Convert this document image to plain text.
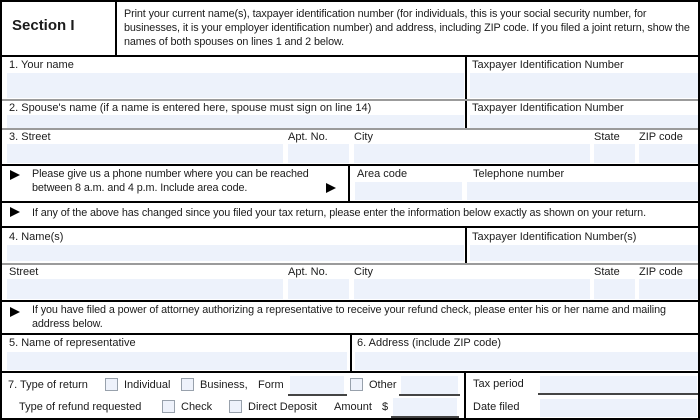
Section I
Print your current name(s), taxpayer identification number (for individuals, this is your social security number, for businesses, it is your employer identification number) and address, including ZIP code. If you filed a joint return, show the names of both spouses on lines 1 and 2 below.
1. Your name	Taxpayer Identification Number
2. Spouse's name (if a name is entered here, spouse must sign on line 14)	Taxpayer Identification Number
3. Street	Apt. No. City	State ZIP code
Please give us a phone number where you can be reached between 8 a.m. and 4 p.m. Include area code.
Area code	Telephone number
If any of the above has changed since you filed your tax return, please enter the information below exactly as shown on your return.
4. Name(s)	Taxpayer Identification Number(s)
Street	Apt. No. City	State ZIP code
If you have filed a power of attorney authorizing a representative to receive your refund check, please enter his or her name and mailing address below.
5. Name of representative	6. Address (include ZIP code)
7. Type of return	Individual	Business, Form	Other	Tax period
Type of refund requested	Check	Direct Deposit Amount $	Date filed
